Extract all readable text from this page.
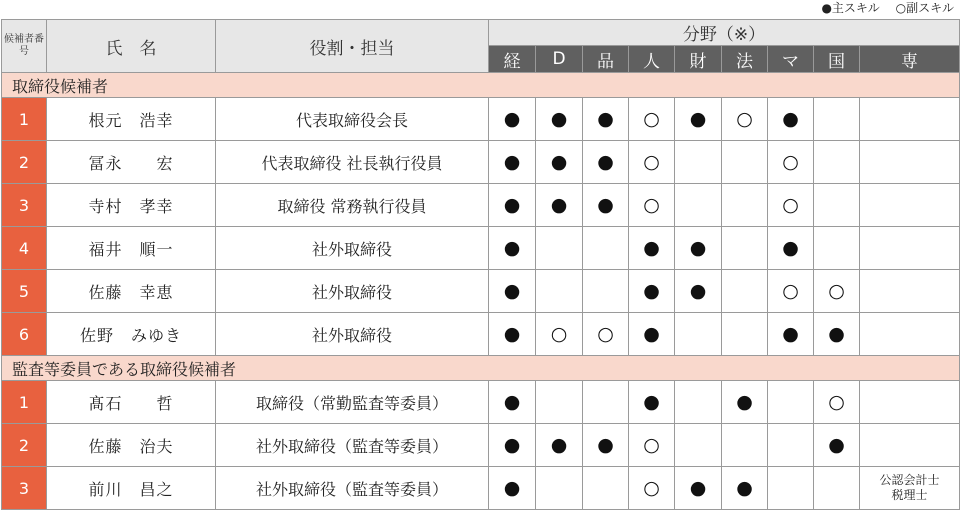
●主スキル ○副スキル
候補者番号	氏　名	役割・担当	分野（※）								
			経	D	品	人	財	法	マ	国	専
取締役候補者											
1	根元　浩幸	代表取締役会長	●	●	●	○	●	○	●		
2	冨永　　宏	代表取締役 社長執行役員	●	●	●	○			○		
3	寺村　孝幸	取締役 常務執行役員	●	●	●	○			○		
4	福井　順一	社外取締役	●			●	●		●		
5	佐藤　幸恵	社外取締役	●			●	●		○	○	
6	佐野　みゆき	社外取締役	●	○	○	●			●	●	
監査等委員である取締役候補者											
1	髙石　　哲	取締役（常勤監査等委員）	●			●		●		○	
2	佐藤　治夫	社外取締役（監査等委員）	●	●	●	○				●	
3	前川　昌之	社外取締役（監査等委員）	●			○	●	●			公認会計士
税理士
